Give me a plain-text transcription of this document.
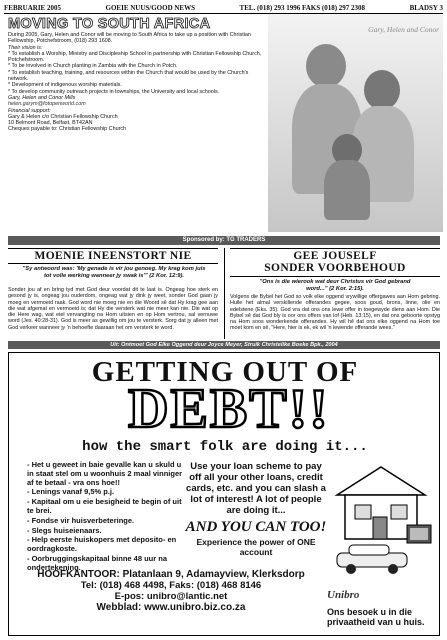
FEBRUARIE 2005	GOEIE NUUS/GOOD NEWS	TEL. (018) 293 1996 FAKS (018) 297 2308	BLADSY 3
MOVING TO SOUTH AFRICA	Gary, Helen and Conor

During 2005, Gary, Helen and Conor will be moving to South Africa to take up a position with Christian Fellowship, Potchefstroom, (018) 293 1608.

Their vision is:

* To establish a Worship, Ministry and Discipleship School in partnership with Christian Fellowship Church, Potchefstroom.

* To be involved in Church planting in Zambia with the Church in Potch.

* To establish teaching, training, and resources within the Church that would be used by the Church's network.

* Development of indigenous worship materials.

* To develop community outreach projects in townships, the University and local schools.

Gary, Helen and Conor Mills

helen.garym@fotopenworld.com

Financial support:

Gary & Helen c/o Christian Fellowship Church

10 Belmont Road, Belfast, BT42AN

Cheques payable to: Christian Fellowship Church

Sponsored by: TG TRADERS
MOENIE INEENSTORT NIE
"Sy antwoord was: 'My genade is vir jou genoeg. My krag kom juis tot volle werking wanneer jy swak is'" (2 Kor. 12:9).
Sonder jou af en bring tyd met God deur voordat dit te laat is. Ongeag hoe sterk en gesond jy is, ongeag jou ouderdom, ongeag wat jy dink jy weet, sonder God gaan jy moeg en vermoeid raak. God word nie moeg nie en die Woord sê dat Hy krag gee aan die wat afgemat en vermoeid is; dat Hy die versterk wat nie meer kan nie. Die wat op die Here wag, wat eiel vervangting na Hom uitsien en op Hom vertrou, sal vernuwe word (Jes. 40:28-31). God is meer as gewillig om jou te versterk. Sorg dat jy alleen met God verkeer wanneer jy 'n behoefte daaraan het om versterk te word.
GEE JOUSELF
SONDER VOORBEHOUD
"Ons is die wierook wat deur Christus vir God gebrand word..." (2 Kor. 2:15).
Volgens die Bybel het God so volk elke oggend vrywillige offergawes aan Hom gebring. Hulle het almal verskillende offerandes gegee, soos goud, brons, linne, olie en edelstene (Eks. 35). God vra dat ons ons lewe offer in toegewyde diens aan Hom. Die Bybel sê dat God bly is oor ons offers van lof (Heb. 13:15), en dat ons geboorte opstyg na Hom soos wonderkende offerandes. Hy wil hê dat ons elke oggend na Hom toe moet kom en sê, "Here, hier is ek, ek wil 'n lewende offerande wees."
Uit: Ontmoet God Elke Oggend deur Joyce Meyer, Struik Christelike Boeke Bpk., 2004
GETTING OUT OF
DEBT!!
how the smart folk are doing it...
- Het u geweet in baie gevalle kan u skuld u in staat stel om u woonhuis 2 maal vinniger af te betaal - vra ons hoe!!
- Lenings vanaf 9,5% p.j.
- Kapitaal om u eie besigheid te begin of uit te brei.
- Fondse vir huisverbeteringe.
- Slegs huiseienaars.
- Help eerste huiskopers met deposito- en oordragkoste.
- Oorbruggingskapitaal binne 48 uur na ondertekening.
Use your loan scheme to pay off all your other loans, credit cards, etc. and you can slash a lot of interest! A lot of people are doing it...
AND YOU CAN TOO!
Experience the power of ONE account
HOOFKANTOOR: Platanlaan 9, Adamayview, Klerksdorp
Tel: (018) 468 4498, Faks: (018) 468 8146
E-pos: unibro@lantic.net
Webblad: www.unibro.biz.co.za
Unibro
Ons besoek u in die privaatheid van u huis.
